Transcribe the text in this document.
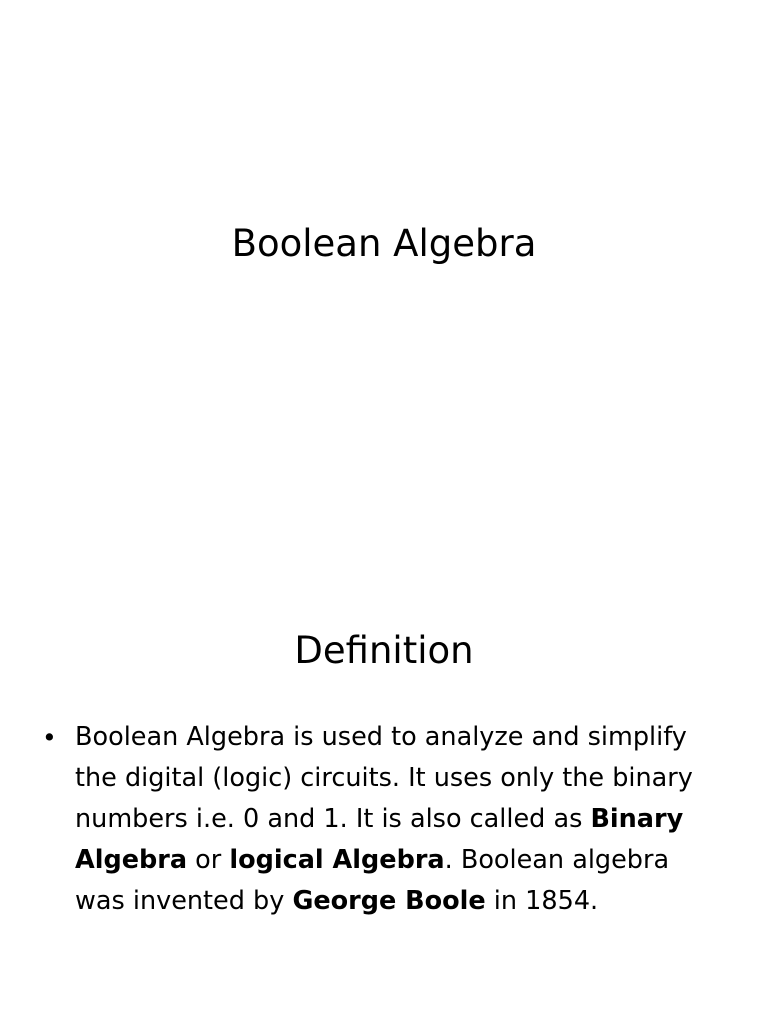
Boolean Algebra
Definition
• Boolean Algebra is used to analyze and simplify the digital (logic) circuits. It uses only the binary numbers i.e. 0 and 1. It is also called as Binary Algebra or logical Algebra. Boolean algebra was invented by George Boole in 1854.
